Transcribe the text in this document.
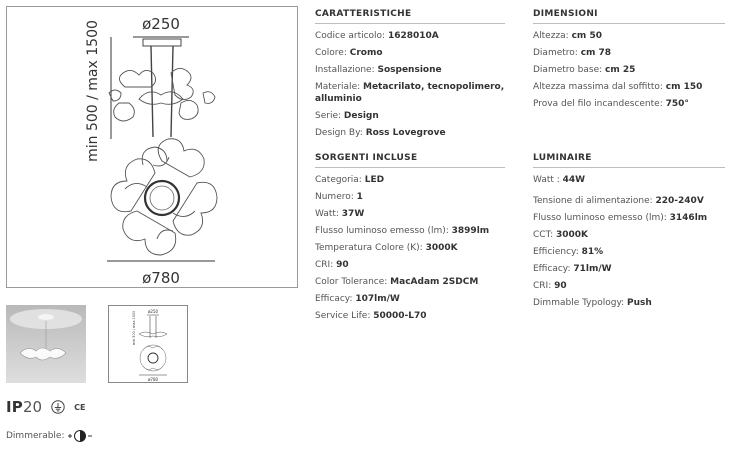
ø250
min 500 / max 1500
ø780
ø250
min 500 / max 1500
ø780
IP 20	CE
Dimmerable:
CARATTERISTICHE
Codice articolo: 1628010A
Colore: Cromo
Installazione: Sospensione
Materiale: Metacrilato, tecnopolimero, alluminio
Serie: Design
Design By: Ross Lovegrove
DIMENSIONI
Altezza: cm 50
Diametro: cm 78
Diametro base: cm 25
Altezza massima dal soffitto: cm 150
Prova del filo incandescente: 750°
SORGENTI INCLUSE
Categoria: LED
Numero: 1
Watt: 37W
Flusso luminoso emesso (lm): 3899lm
Temperatura Colore (K): 3000K
CRI: 90
Color Tolerance: MacAdam 2SDCM
Efficacy: 107lm/W
Service Life: 50000-L70
LUMINAIRE
Watt : 44W
Tensione di alimentazione: 220-240V
Flusso luminoso emesso (lm): 3146lm
CCT: 3000K
Efficiency: 81%
Efficacy: 71lm/W
CRI: 90
Dimmable Typology: Push
